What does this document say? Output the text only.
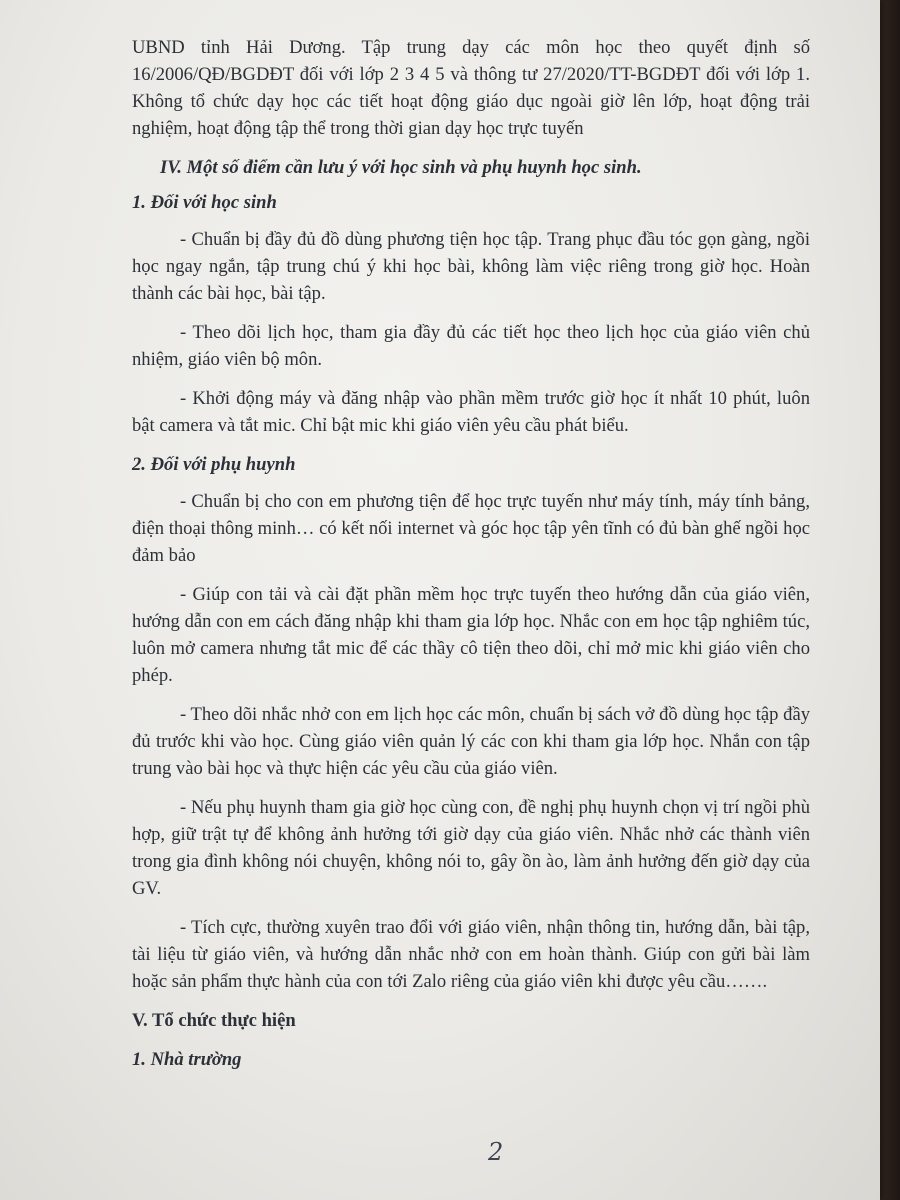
UBND tỉnh Hải Dương. Tập trung dạy các môn học theo quyết định số 16/2006/QĐ/BGDĐT đối với lớp 2 3 4 5 và thông tư 27/2020/TT-BGDĐT đối với lớp 1. Không tổ chức dạy học các tiết hoạt động giáo dục ngoài giờ lên lớp, hoạt động trải nghiệm, hoạt động tập thể trong thời gian dạy học trực tuyến

IV. Một số điểm cần lưu ý với học sinh và phụ huynh học sinh.

1. Đối với học sinh

- Chuẩn bị đầy đủ đồ dùng phương tiện học tập. Trang phục đầu tóc gọn gàng, ngồi học ngay ngắn, tập trung chú ý khi học bài, không làm việc riêng trong giờ học. Hoàn thành các bài học, bài tập.

- Theo dõi lịch học, tham gia đầy đủ các tiết học theo lịch học của giáo viên chủ nhiệm, giáo viên bộ môn.

- Khởi động máy và đăng nhập vào phần mềm trước giờ học ít nhất 10 phút, luôn bật camera và tắt mic. Chỉ bật mic khi giáo viên yêu cầu phát biểu.

2. Đối với phụ huynh

- Chuẩn bị cho con em phương tiện để học trực tuyến như máy tính, máy tính bảng, điện thoại thông minh… có kết nối internet và góc học tập yên tĩnh có đủ bàn ghế ngồi học đảm bảo

- Giúp con tải và cài đặt phần mềm học trực tuyến theo hướng dẫn của giáo viên, hướng dẫn con em cách đăng nhập khi tham gia lớp học. Nhắc con em học tập nghiêm túc, luôn mở camera nhưng tắt mic để các thầy cô tiện theo dõi, chỉ mở mic khi giáo viên cho phép.

- Theo dõi nhắc nhở con em lịch học các môn, chuẩn bị sách vở đồ dùng học tập đầy đủ trước khi vào học. Cùng giáo viên quản lý các con khi tham gia lớp học. Nhắn con tập trung vào bài học và thực hiện các yêu cầu của giáo viên.

- Nếu phụ huynh tham gia giờ học cùng con, đề nghị phụ huynh chọn vị trí ngồi phù hợp, giữ trật tự để không ảnh hưởng tới giờ dạy của giáo viên. Nhắc nhở các thành viên trong gia đình không nói chuyện, không nói to, gây ồn ào, làm ảnh hưởng đến giờ dạy của GV.

- Tích cực, thường xuyên trao đổi với giáo viên, nhận thông tin, hướng dẫn, bài tập, tài liệu từ giáo viên, và hướng dẫn nhắc nhở con em hoàn thành. Giúp con gửi bài làm hoặc sản phẩm thực hành của con tới Zalo riêng của giáo viên khi được yêu cầu…….

V. Tổ chức thực hiện

1. Nhà trường

2
